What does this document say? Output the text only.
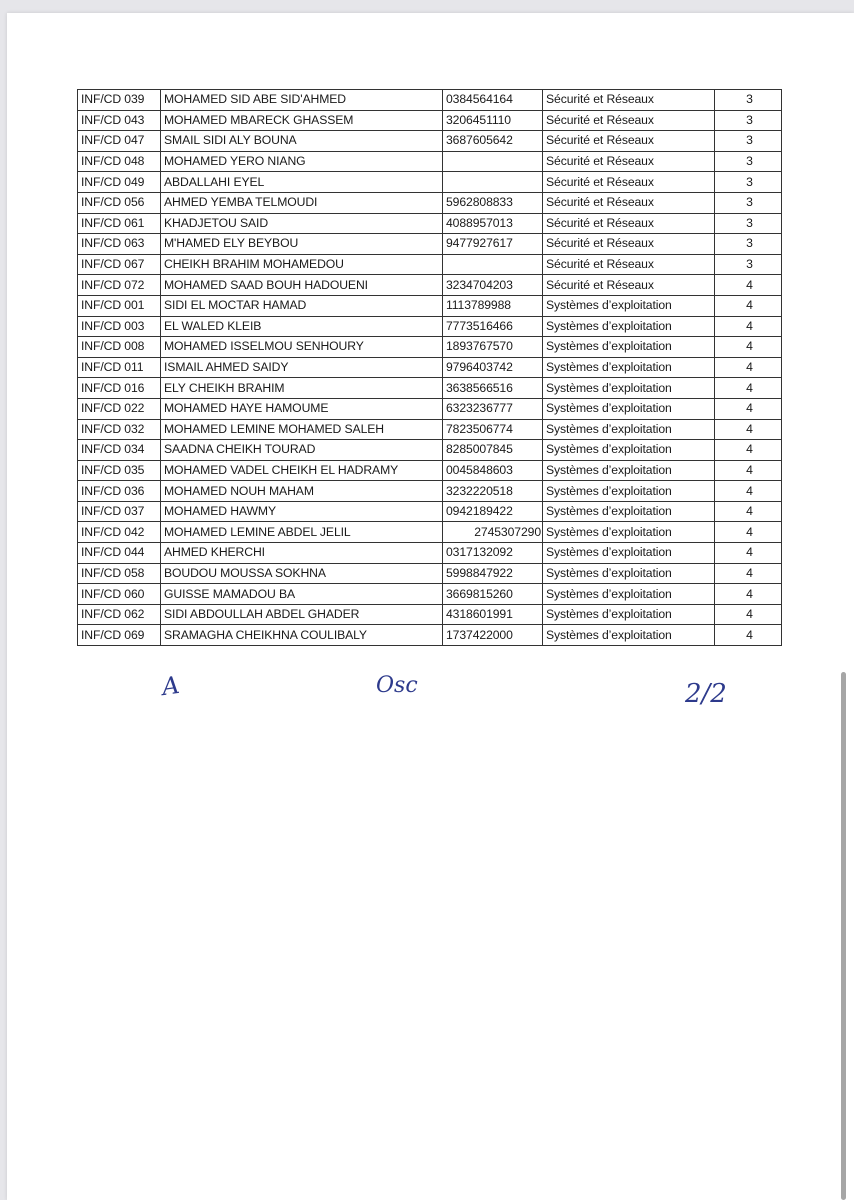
INF/CD 039	MOHAMED SID ABE SID'AHMED	0384564164	Sécurité et Réseaux	3
INF/CD 043	MOHAMED MBARECK GHASSEM	3206451110	Sécurité et Réseaux	3
INF/CD 047	SMAIL SIDI ALY BOUNA	3687605642	Sécurité et Réseaux	3
INF/CD 048	MOHAMED YERO NIANG		Sécurité et Réseaux	3
INF/CD 049	ABDALLAHI EYEL		Sécurité et Réseaux	3
INF/CD 056	AHMED YEMBA TELMOUDI	5962808833	Sécurité et Réseaux	3
INF/CD 061	KHADJETOU SAID	4088957013	Sécurité et Réseaux	3
INF/CD 063	M'HAMED ELY BEYBOU	9477927617	Sécurité et Réseaux	3
INF/CD 067	CHEIKH BRAHIM MOHAMEDOU		Sécurité et Réseaux	3
INF/CD 072	MOHAMED SAAD BOUH HADOUENI	3234704203	Sécurité et Réseaux	4
INF/CD 001	SIDI EL MOCTAR HAMAD	1113789988	Systèmes d’exploitation	4
INF/CD 003	EL WALED KLEIB	7773516466	Systèmes d’exploitation	4
INF/CD 008	MOHAMED ISSELMOU SENHOURY	1893767570	Systèmes d’exploitation	4
INF/CD 011	ISMAIL AHMED SAIDY	9796403742	Systèmes d’exploitation	4
INF/CD 016	ELY CHEIKH BRAHIM	3638566516	Systèmes d’exploitation	4
INF/CD 022	MOHAMED HAYE HAMOUME	6323236777	Systèmes d’exploitation	4
INF/CD 032	MOHAMED LEMINE MOHAMED SALEH	7823506774	Systèmes d’exploitation	4
INF/CD 034	SAADNA CHEIKH TOURAD	8285007845	Systèmes d’exploitation	4
INF/CD 035	MOHAMED VADEL CHEIKH EL HADRAMY	0045848603	Systèmes d’exploitation	4
INF/CD 036	MOHAMED NOUH MAHAM	3232220518	Systèmes d’exploitation	4
INF/CD 037	MOHAMED HAWMY	0942189422	Systèmes d’exploitation	4
INF/CD 042	MOHAMED LEMINE ABDEL JELIL	2745307290	Systèmes d’exploitation	4
INF/CD 044	AHMED KHERCHI	0317132092	Systèmes d’exploitation	4
INF/CD 058	BOUDOU MOUSSA SOKHNA	5998847922	Systèmes d’exploitation	4
INF/CD 060	GUISSE MAMADOU BA	3669815260	Systèmes d’exploitation	4
INF/CD 062	SIDI ABDOULLAH ABDEL GHADER	4318601991	Systèmes d’exploitation	4
INF/CD 069	SRAMAGHA CHEIKHNA COULIBALY	1737422000	Systèmes d’exploitation	4
A	Osc	2/2
